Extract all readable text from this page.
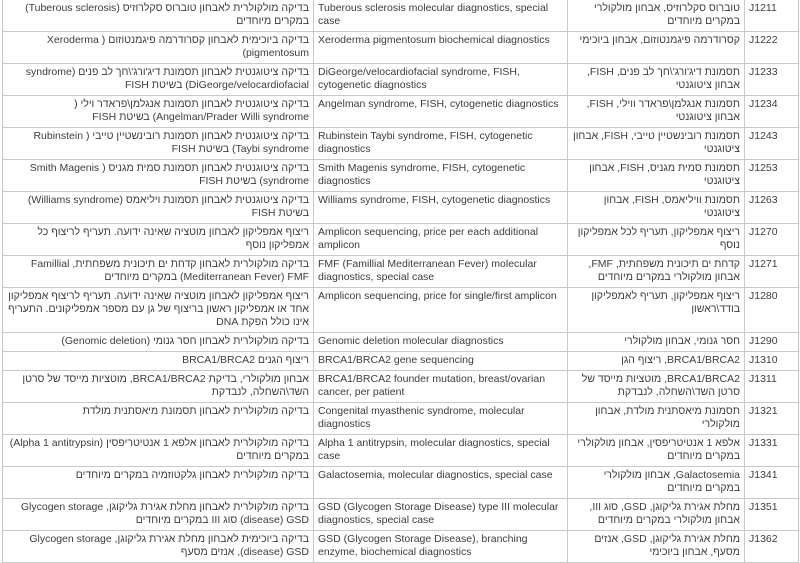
בדיקה מולקולרית לאבחון טוברוס סקלרוזיס (Tuberous sclerosis) במקרים מיוחדים	Tuberous sclerosis molecular diagnostics, special case	טוברוס סקלרוזיס, אבחון מולקולרי במקרים מיוחדים	J1211
בדיקה ביוכימית לאבחון קסרודרמה פיגמנטוזום ( Xeroderma pigmentosum)	Xeroderma pigmentosum biochemical diagnostics	קסרודרמה פיגמנטוזום, אבחון ביוכימי	J1222
בדיקה ציטוגנטית לאבחון תסמונת דיג'ורג'\חך לב פנים (syndrome DiGeorge/velocardiofacial) בשיטת FISH	DiGeorge/velocardiofacial syndrome, FISH, cytogenetic diagnostics	תסמונת דיג'ורג'\חך לב פנים, FISH, אבחון ציטוגנטי	J1233
בדיקה ציטוגנטית לאבחון תסמונת אנגלמן\פראדר וילי ( Angelman/Prader Willi syndrome) בשיטת FISH	Angelman syndrome, FISH, cytogenetic diagnostics	תסמונת אנגלמן\פראדר ווילי, FISH, אבחון ציטוגנטי	J1234
בדיקה ציטוגנטית לאבחון תסמונת רובינשטיין טייבי ( Rubinstein Taybi syndrome) בשיטת FISH	Rubinstein Taybi syndrome, FISH, cytogenetic diagnostics	תסמונת רובינשטיין טייבי, FISH, אבחון ציטוגנטי	J1243
בדיקה ציטוגנטית לאבחון תסמונת סמית מגניס ( Smith Magenis syndrome) בשיטת FISH	Smith Magenis syndrome, FISH, cytogenetic diagnostics	תסמונת סמית מגניס, FISH, אבחון ציטוגנטי	J1253
בדיקה ציטוגנטית לאבחון תסמונת ויליאמס (Williams syndrome) בשיטת FISH	Williams syndrome, FISH, cytogenetic diagnostics	תסמונת וויליאמס, FISH, אבחון ציטוגנטי	J1263
ריצוף אמפליקון לאבחון מוטציה שאינה ידועה. תעריף לריצוף כל אמפליקון נוסף	Amplicon sequencing, price per each additional amplicon	ריצוף אמפליקון, תעריף לכל אמפליקון נוסף	J1270
בדיקה מולקולרית לאבחון קדחת ים תיכונית משפחתית, Famillial (Mediterranean Fever) FMF במקרים מיוחדים	FMF (Famillial Mediterranean Fever) molecular diagnostics, special case	קדחת ים תיכונית משפחתית, FMF, אבחון מולקולרי במקרים מיוחדים	J1271
ריצוף אמפליקון לאבחון מוטציה שאינה ידועה. תעריף לריצוף אמפליקון אחד או אמפליקון ראשון בריצוף של גן עם מספר אמפליקונים. התעריף אינו כולל הפקת DNA	Amplicon sequencing, price for single/first amplicon	ריצוף אמפליקון, תעריף לאמפליקון בודד\ראשון	J1280
בדיקה מולקולרית לאבחון חסר גנומי (Genomic deletion)	Genomic deletion molecular diagnostics	חסר גנומי, אבחון מולקולרי	J1290
ריצוף הגנים BRCA1/BRCA2	BRCA1/BRCA2 gene sequencing	BRCA1/BRCA2, ריצוף הגן	J1310
אבחון מולקולרי, בדיקת BRCA1/BRCA2, מוטציות מייסד של סרטן השד\השחלה, לנבדקת	BRCA1/BRCA2 founder mutation, breast/ovarian cancer, per patient	BRCA1/BRCA2, מוטציות מייסד של סרטן השד\השחלה, לנבדקת	J1311
בדיקה מולקולרית לאבחון תסמונת מיאסתנית מולדת	Congenital myasthenic syndrome, molecular diagnostics	תסמונת מיאסתנית מולדת, אבחון מולקולרי	J1321
בדיקה מולקולרית לאבחון אלפא 1 אנטיטריפסין (Alpha 1 antitrypsin) במקרים מיוחדים	Alpha 1 antitrypsin, molecular diagnostics, special case	אלפא 1 אנטיטריפסין, אבחון מולקולרי במקרים מיוחדים	J1331
בדיקה מולקולרית לאבחון גלקטוזמיה במקרים מיוחדים	Galactosemia, molecular diagnostics, special case	Galactosemia, אבחון מולקולרי במקרים מיוחדים	J1341
בדיקה מולקולרית לאבחון מחלת אגירת גליקוגן, Glycogen storage (disease) GSD סוג III במקרים מיוחדים	GSD (Glycogen Storage Disease) type III molecular diagnostics, special case	מחלת אגירת גליקוגן, GSD, סוג III, אבחון מולקולרי במקרים מיוחדים	J1351
בדיקה ביוכימית לאבחון מחלת אגירת גליקוגן, Glycogen storage (disease) GSD, אנזים מסעף	GSD (Glycogen Storage Disease), branching enzyme, biochemical diagnostics	מחלת אגירת גליקוגן, GSD, אנזים מסעף, אבחון ביוכימי	J1362
